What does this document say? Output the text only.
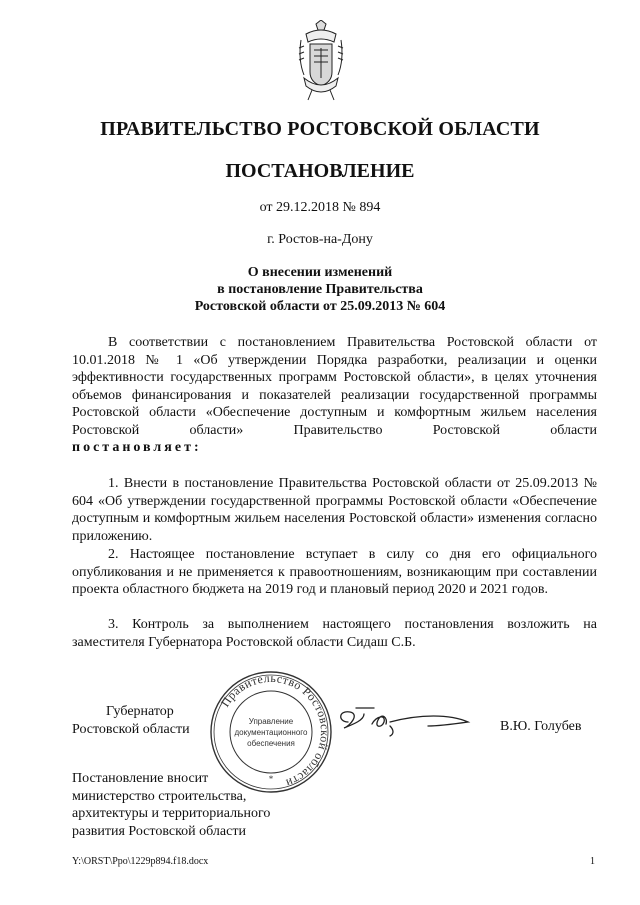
ПРАВИТЕЛЬСТВО РОСТОВСКОЙ ОБЛАСТИ
ПОСТАНОВЛЕНИЕ
от 29.12.2018 № 894
г. Ростов-на-Дону
О внесении изменений
в постановление Правительства
Ростовской области от 25.09.2013 № 604
В соответствии с постановлением Правительства Ростовской области от 10.01.2018 № 1 «Об утверждении Порядка разработки, реализации и оценки эффективности государственных программ Ростовской области», в целях уточнения объемов финансирования и показателей реализации государственной программы Ростовской области «Обеспечение доступным и комфортным жильем населения Ростовской области» Правительство Ростовской области
постановляет:
1. Внести в постановление Правительства Ростовской области от 25.09.2013 № 604 «Об утверждении государственной программы Ростовской области «Обеспечение доступным и комфортным жильем населения Ростовской области» изменения согласно приложению.
2. Настоящее постановление вступает в силу со дня его официального опубликования и не применяется к правоотношениям, возникающим при составлении проекта областного бюджета на 2019 год и плановый период 2020 и 2021 годов.
3. Контроль за выполнением настоящего постановления возложить на заместителя Губернатора Ростовской области Сидаш С.Б.
Губернатор
Ростовской области
Правительство Ростовской области
Управление
документационного
обеспечения
*
В.Ю. Голубев
Постановление вносит
министерство строительства,
архитектуры и территориального
развития Ростовской области
Y:\ORST\Ppo\1229p894.f18.docx	1
